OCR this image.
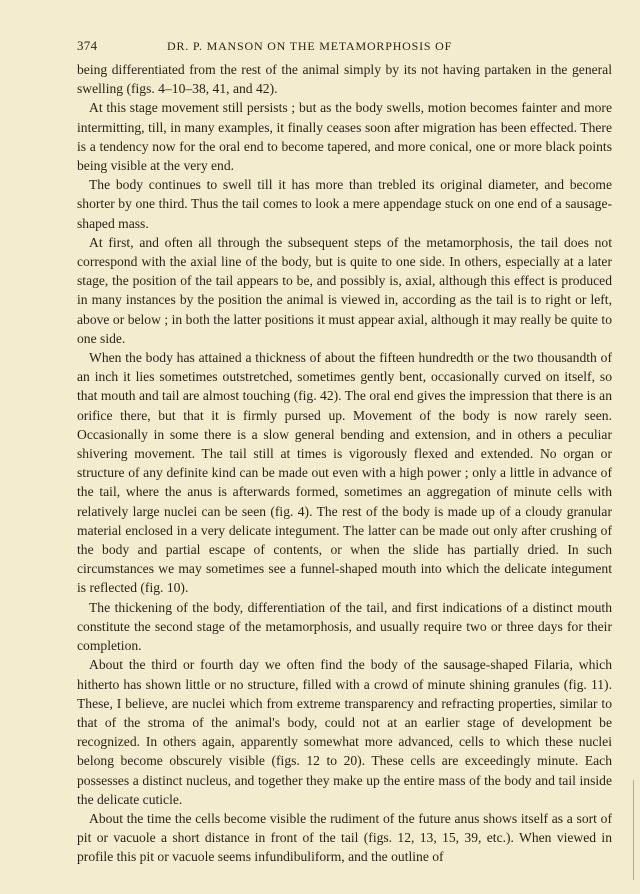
374	DR. P. MANSON ON THE METAMORPHOSIS OF

being differentiated from the rest of the animal simply by its not having partaken in the general swelling (figs. 4–10–38, 41, and 42).

At this stage movement still persists ; but as the body swells, motion becomes fainter and more intermitting, till, in many examples, it finally ceases soon after migration has been effected. There is a tendency now for the oral end to become tapered, and more conical, one or more black points being visible at the very end.

The body continues to swell till it has more than trebled its original diameter, and become shorter by one third. Thus the tail comes to look a mere appendage stuck on one end of a sausage-shaped mass.

At first, and often all through the subsequent steps of the metamorphosis, the tail does not correspond with the axial line of the body, but is quite to one side. In others, especially at a later stage, the position of the tail appears to be, and possibly is, axial, although this effect is produced in many instances by the position the animal is viewed in, according as the tail is to right or left, above or below ; in both the latter positions it must appear axial, although it may really be quite to one side.

When the body has attained a thickness of about the fifteen hundredth or the two thousandth of an inch it lies sometimes outstretched, sometimes gently bent, occasionally curved on itself, so that mouth and tail are almost touching (fig. 42). The oral end gives the impression that there is an orifice there, but that it is firmly pursed up. Movement of the body is now rarely seen. Occasionally in some there is a slow general bending and extension, and in others a peculiar shivering movement. The tail still at times is vigorously flexed and extended. No organ or structure of any definite kind can be made out even with a high power ; only a little in advance of the tail, where the anus is afterwards formed, sometimes an aggregation of minute cells with relatively large nuclei can be seen (fig. 4). The rest of the body is made up of a cloudy granular material enclosed in a very delicate integument. The latter can be made out only after crushing of the body and partial escape of contents, or when the slide has partially dried. In such circumstances we may sometimes see a funnel-shaped mouth into which the delicate integument is reflected (fig. 10).

The thickening of the body, differentiation of the tail, and first indications of a distinct mouth constitute the second stage of the metamorphosis, and usually require two or three days for their completion.

About the third or fourth day we often find the body of the sausage-shaped Filaria, which hitherto has shown little or no structure, filled with a crowd of minute shining granules (fig. 11). These, I believe, are nuclei which from extreme transparency and refracting properties, similar to that of the stroma of the animal's body, could not at an earlier stage of development be recognized. In others again, apparently somewhat more advanced, cells to which these nuclei belong become obscurely visible (figs. 12 to 20). These cells are exceedingly minute. Each possesses a distinct nucleus, and together they make up the entire mass of the body and tail inside the delicate cuticle.

About the time the cells become visible the rudiment of the future anus shows itself as a sort of pit or vacuole a short distance in front of the tail (figs. 12, 13, 15, 39, etc.). When viewed in profile this pit or vacuole seems infundibuliform, and the outline of
